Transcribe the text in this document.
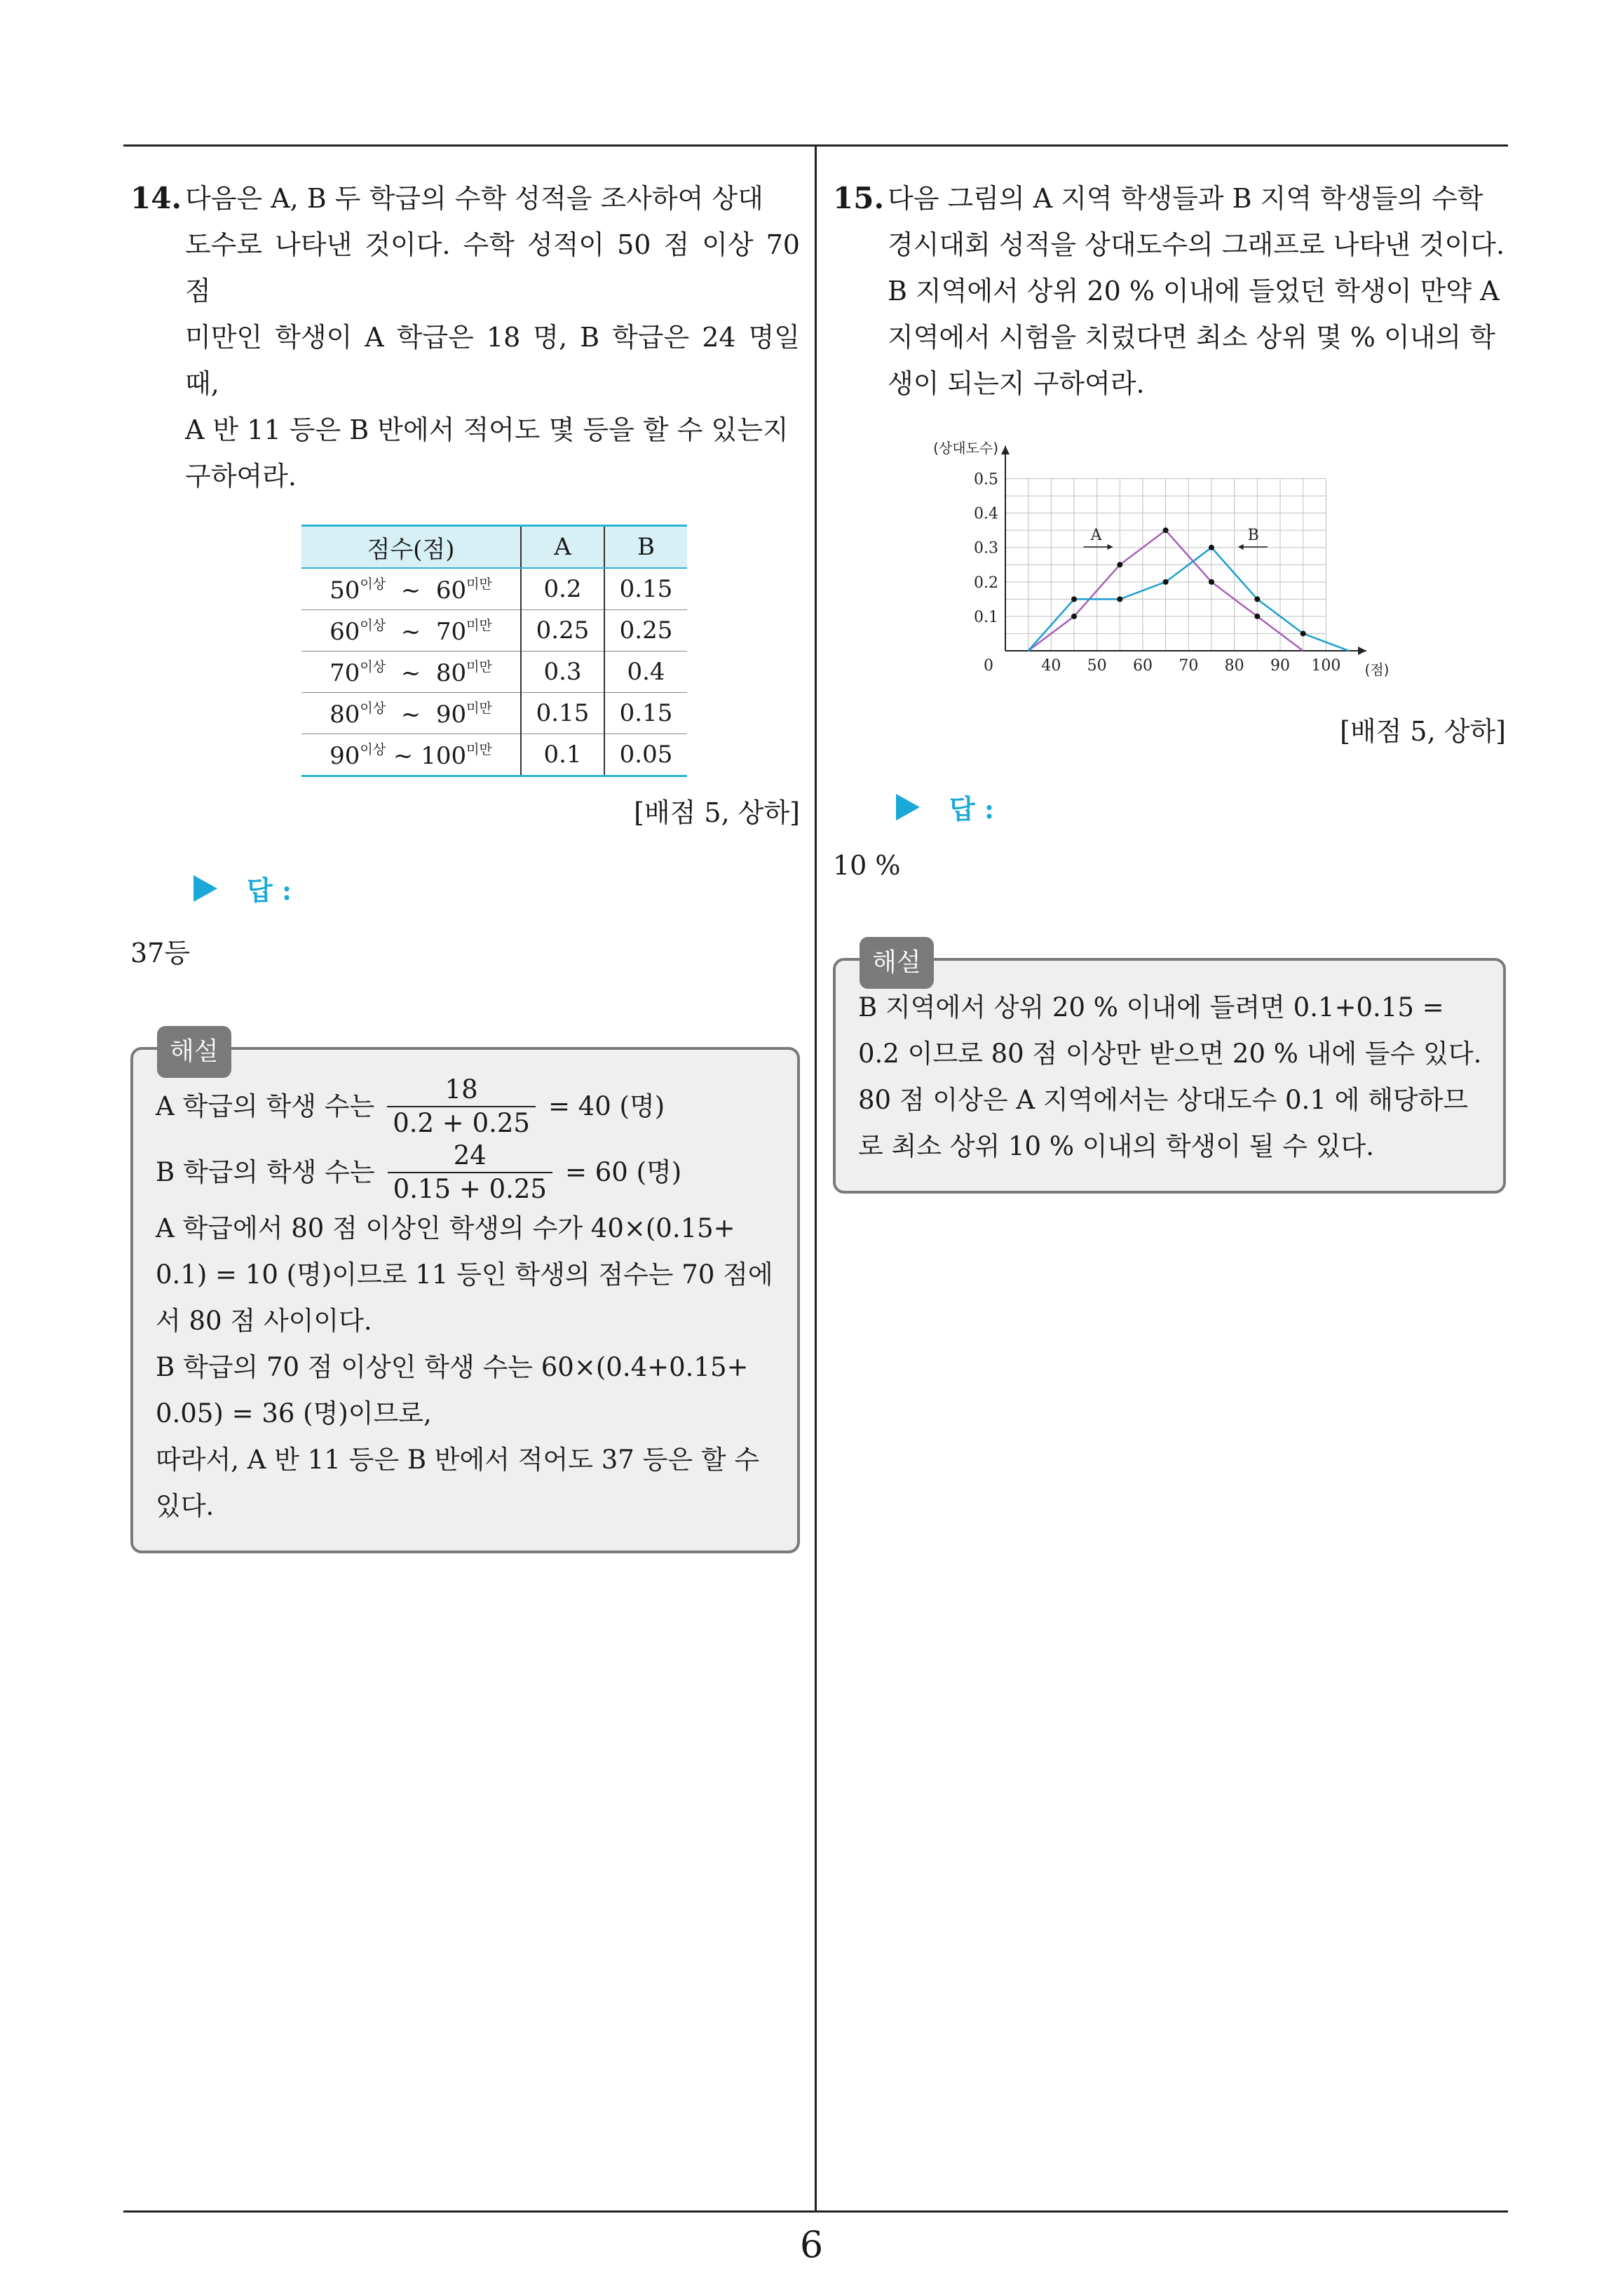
6
14. 다음은 A, B 두 학급의 수학 성적을 조사하여 상대
도수로 나타낸 것이다. 수학 성적이 50 점 이상 70 점
미만인 학생이 A 학급은 18 명, B 학급은 24 명일 때,
A 반 11 등은 B 반에서 적어도 몇 등을 할 수 있는지
구하여라.
점수(점)	A	B
$50^{이상}$ ~ $60^{미만}$	0.2	0.15
$60^{이상}$ ~ $70^{미만}$	0.25	0.25
$70^{이상}$ ~ $80^{미만}$	0.3	0.4
$80^{이상}$ ~ $90^{미만}$	0.15	0.15
$90^{이상}$ ~ $100^{미만}$	0.1	0.05
[배점 5, 상하]
답 :
37등
해설
A 학급의 학생 수는 $\frac{18}{0.2 + 0.25} = 40$ (명)
B 학급의 학생 수는 $\frac{24}{0.15 + 0.25} = 60$ (명)

A 학급에서 80 점 이상인 학생의 수가 40×(0.15+ 0.1) = 10 (명)이므로 11 등인 학생의 점수는 70 점에서 80 점 사이이다.

B 학급의 70 점 이상인 학생 수는 60×(0.4+0.15+ 0.05) = 36 (명)이므로,

따라서, A 반 11 등은 B 반에서 적어도 37 등은 할 수 있다.

15. 다음 그림의 A 지역 학생들과 B 지역 학생들의 수학
경시대회 성적을 상대도수의 그래프로 나타낸 것이다.
B 지역에서 상위 20 % 이내에 들었던 학생이 만약 A
지역에서 시험을 치렀다면 최소 상위 몇 % 이내의 학
생이 되는지 구하여라.
40 50 60 70 80 90 100
0.1
0.2
0.3
0.4
0.5
0	(점)
(상대도수)
A	B
[배점 5, 상하]
답 :
10 %
해설

B 지역에서 상위 20 % 이내에 들려면 0.1+0.15 = 0.2 이므로 80 점 이상만 받으면 20 % 내에 들수 있다.

80 점 이상은 A 지역에서는 상대도수 0.1 에 해당하므로 최소 상위 10 % 이내의 학생이 될 수 있다.
